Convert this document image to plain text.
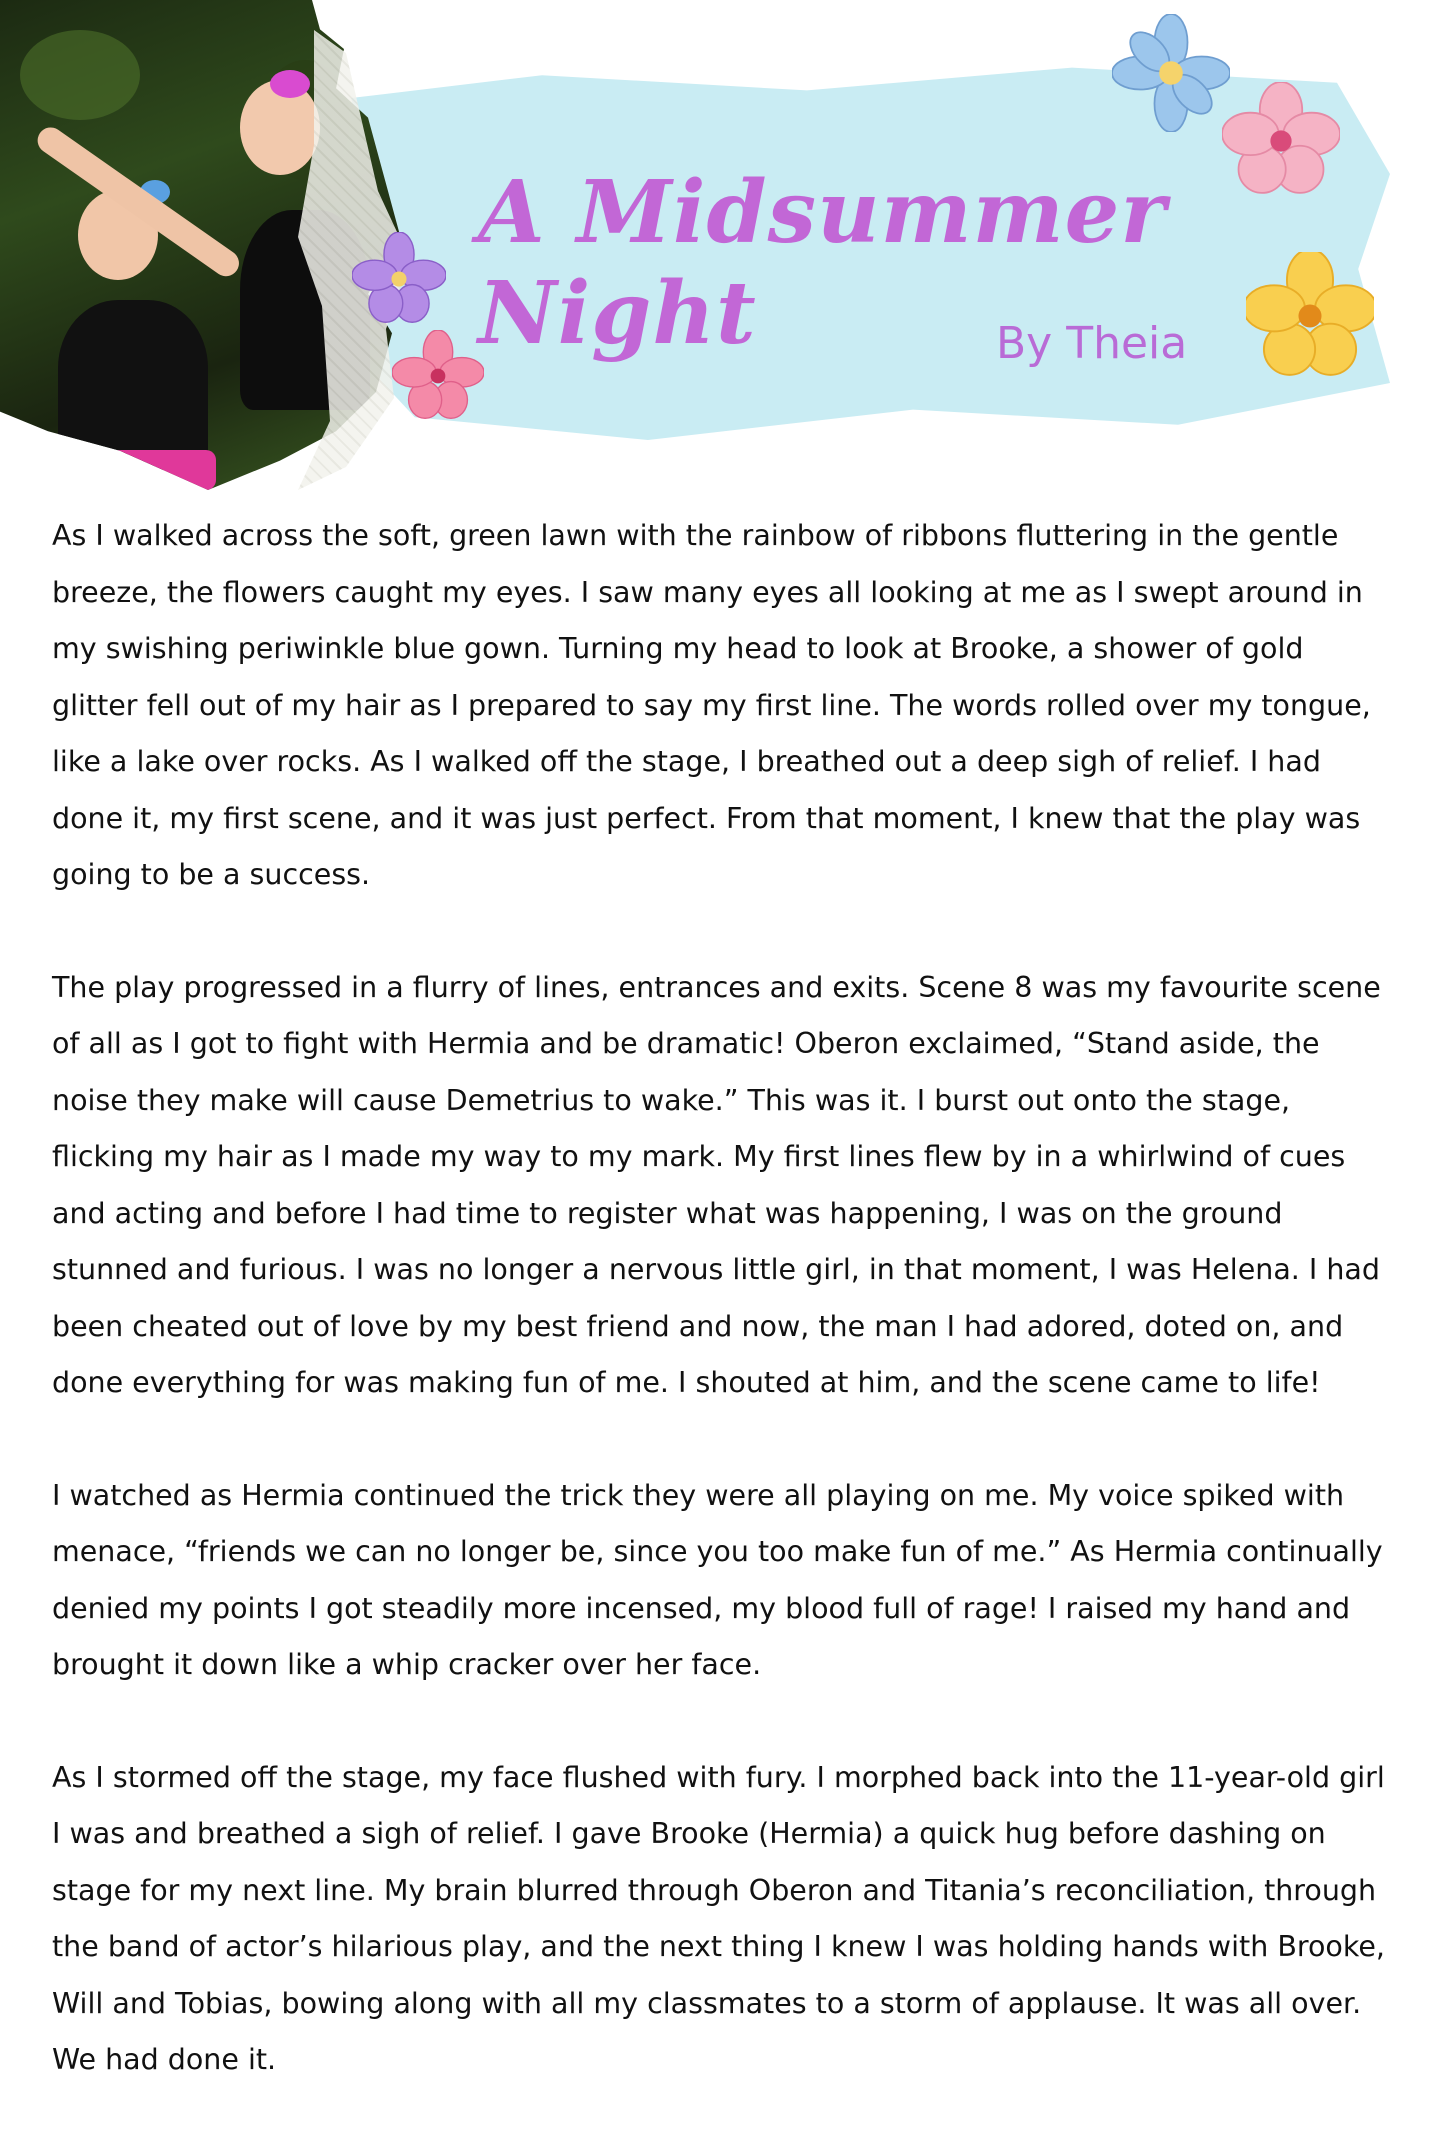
A Midsummer Night	By Theia

As I walked across the soft, green lawn with the rainbow of ribbons fluttering in the gentle breeze, the flowers caught my eyes. I saw many eyes all looking at me as I swept around in my swishing periwinkle blue gown. Turning my head to look at Brooke, a shower of gold glitter fell out of my hair as I prepared to say my first line. The words rolled over my tongue, like a lake over rocks. As I walked off the stage, I breathed out a deep sigh of relief. I had done it, my first scene, and it was just perfect. From that moment, I knew that the play was going to be a success.

The play progressed in a flurry of lines, entrances and exits. Scene 8 was my favourite scene of all as I got to fight with Hermia and be dramatic! Oberon exclaimed, “Stand aside, the noise they make will cause Demetrius to wake.” This was it. I burst out onto the stage, flicking my hair as I made my way to my mark. My first lines flew by in a whirlwind of cues and acting and before I had time to register what was happening, I was on the ground stunned and furious. I was no longer a nervous little girl, in that moment, I was Helena. I had been cheated out of love by my best friend and now, the man I had adored, doted on, and done everything for was making fun of me. I shouted at him, and the scene came to life!

I watched as Hermia continued the trick they were all playing on me. My voice spiked with menace, “friends we can no longer be, since you too make fun of me.” As Hermia continually denied my points I got steadily more incensed, my blood full of rage! I raised my hand and brought it down like a whip cracker over her face.

As I stormed off the stage, my face flushed with fury. I morphed back into the 11-year-old girl I was and breathed a sigh of relief. I gave Brooke (Hermia) a quick hug before dashing on stage for my next line. My brain blurred through Oberon and Titania’s reconciliation, through the band of actor’s hilarious play, and the next thing I knew I was holding hands with Brooke, Will and Tobias, bowing along with all my classmates to a storm of applause. It was all over. We had done it.
